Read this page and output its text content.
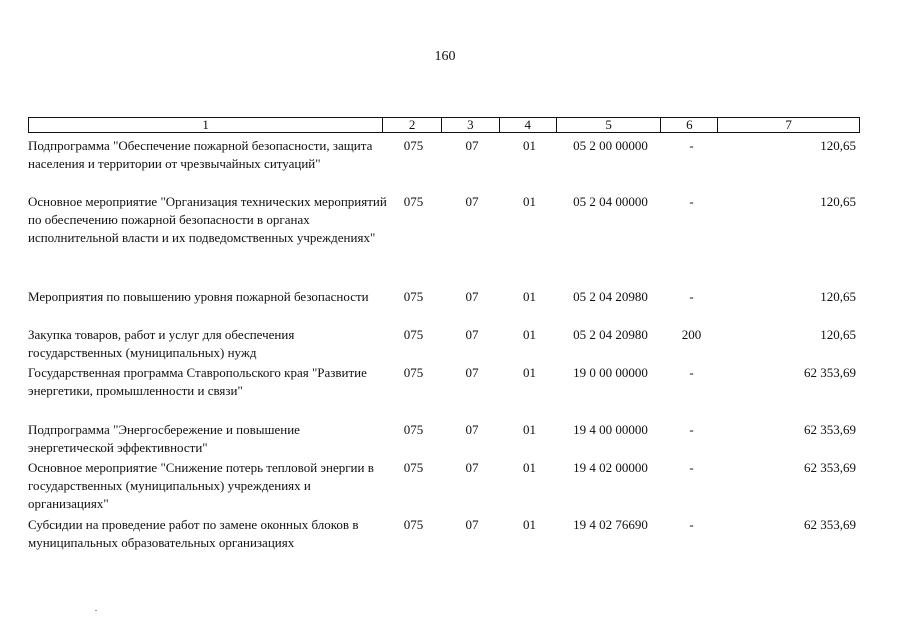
160
1	2	3	4	5	6	7
Подпрограмма "Обеспечение пожарной безопасности, защита населения и территории от чрезвычайных ситуаций"
075	07	01	05 2 00 00000	-	120,65
Основное мероприятие "Организация технических мероприятий по обеспечению пожарной безопасности в органах исполнительной власти и их подведомственных учреждениях"
075	07	01	05 2 04 00000	-	120,65
Мероприятия по повышению уровня пожарной безопасности	075	07	01	05 2 04 20980	-	120,65
Закупка товаров, работ и услуг для обеспечения государственных (муниципальных) нужд
075	07	01	05 2 04 20980	200	120,65
Государственная программа Ставропольского края "Развитие энергетики, промышленности и связи"
075	07	01	19 0 00 00000	-	62 353,69
Подпрограмма "Энергосбережение и повышение энергетической эффективности"
075	07	01	19 4 00 00000	-	62 353,69
Основное мероприятие "Снижение потерь тепловой энергии в государственных (муниципальных) учреждениях и организациях"
075	07	01	19 4 02 00000	-	62 353,69
Субсидии на проведение работ по замене оконных блоков в муниципальных образовательных организациях
075	07	01	19 4 02 76690	-	62 353,69
